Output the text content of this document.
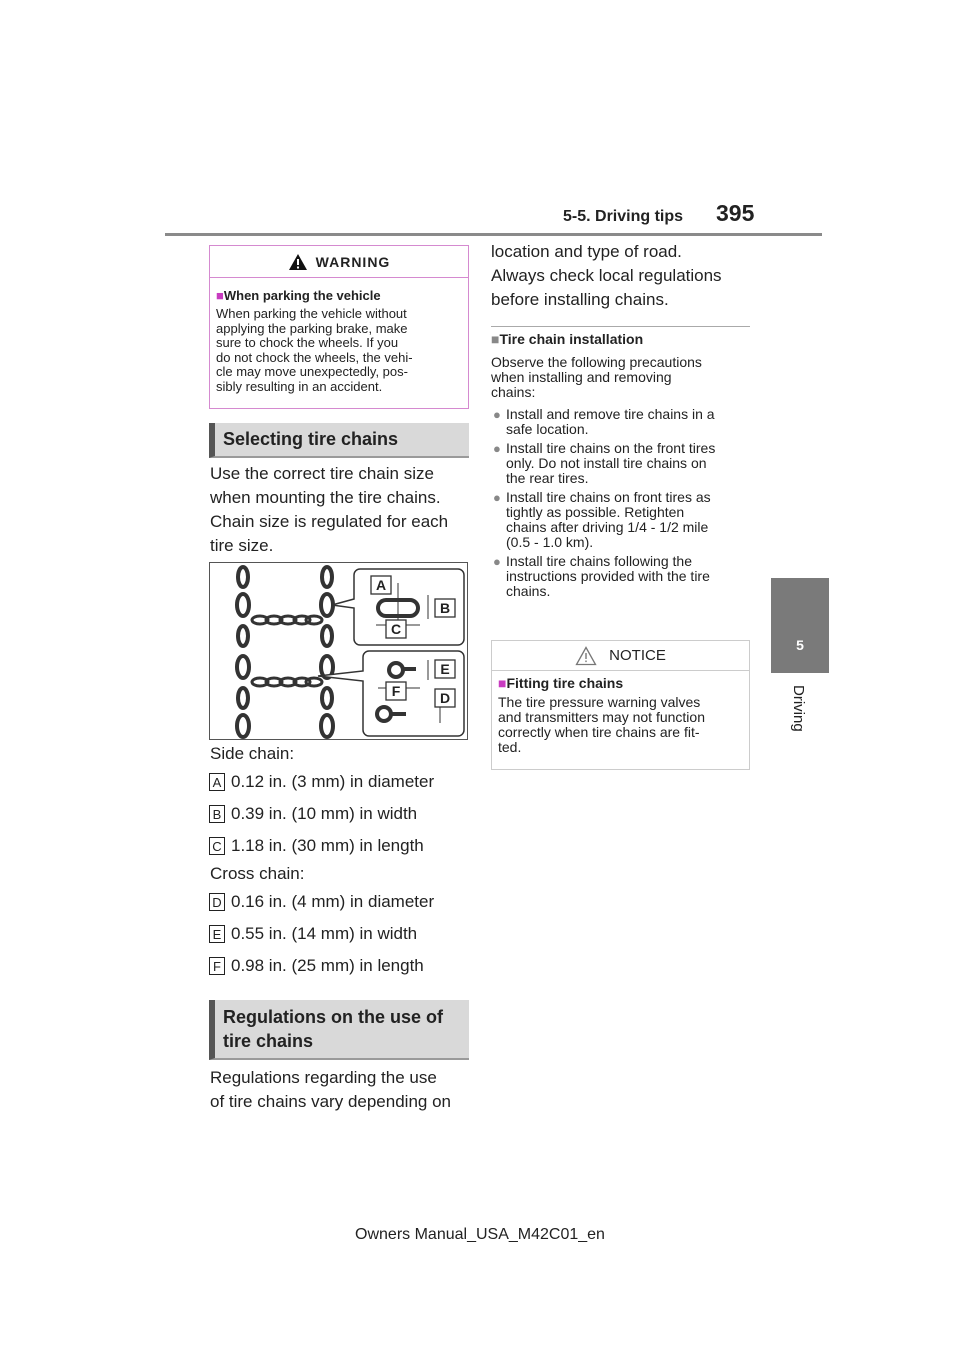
5-5. Driving tips 395
5
Driving
WARNING
■When parking the vehicle
When parking the vehicle without
applying the parking brake, make
sure to chock the wheels. If you
do not chock the wheels, the vehi-
cle may move unexpectedly, pos-
sibly resulting in an accident.
Selecting tire chains
Use the correct tire chain size
when mounting the tire chains.
Chain size is regulated for each
tire size.
A
B
C
E
F	D
Side chain:
A 0.12 in. (3 mm) in diameter
B 0.39 in. (10 mm) in width
C 1.18 in. (30 mm) in length
Cross chain:
D 0.16 in. (4 mm) in diameter
E 0.55 in. (14 mm) in width
F 0.98 in. (25 mm) in length
Regulations on the use of
tire chains
Regulations regarding the use
of tire chains vary depending on
location and type of road.
Always check local regulations
before installing chains.
■Tire chain installation
Observe the following precautions
when installing and removing
chains:
● Install and remove tire chains in a
safe location.
● Install tire chains on the front tires
only. Do not install tire chains on
the rear tires.
● Install tire chains on front tires as
tightly as possible. Retighten
chains after driving 1/4 - 1/2 mile
(0.5 - 1.0 km).
● Install tire chains following the
instructions provided with the tire
chains.
NOTICE
■Fitting tire chains
The tire pressure warning valves
and transmitters may not function
correctly when tire chains are fit-
ted.
Owners Manual_USA_M42C01_en
